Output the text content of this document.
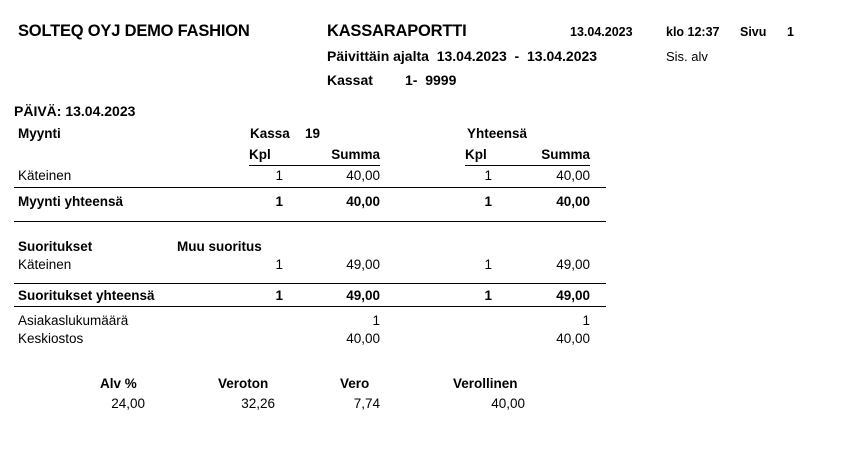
SOLTEQ OYJ DEMO FASHION	KASSARAPORTTI	13.04.2023	klo 12:37 Sivu 1
Päivittäin ajalta  13.04.2023  -  13.04.2023	Sis. alv
Kassat 1-  9999
PÄIVÄ: 13.04.2023
Myynti	Kassa 19	Yhteensä
Kpl	Summa	Kpl	Summa
Käteinen	1	40,00	1	40,00
Myynti yhteensä	1	40,00	1	40,00
Suoritukset	Muu suoritus
Käteinen	1	49,00	1	49,00
Suoritukset yhteensä	1	49,00	1	49,00
Asiakaslukumäärä	1	1
Keskiostos	40,00	40,00
Alv %	Veroton	Vero	Verollinen
24,00	32,26	7,74	40,00
